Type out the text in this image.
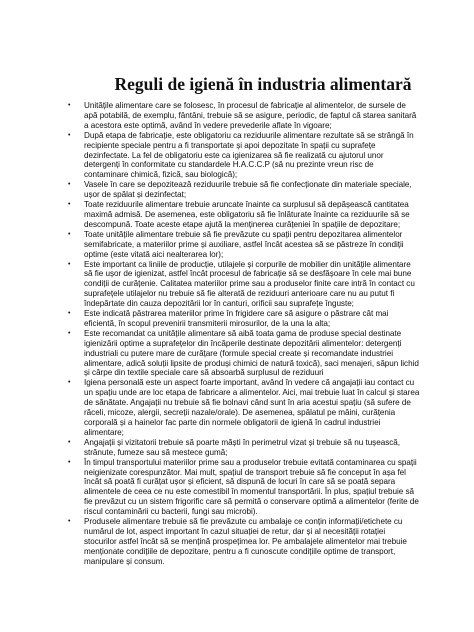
Reguli de igienă în industria alimentară
• Unitățile alimentare care se folosesc, în procesul de fabricație al alimentelor, de sursele de apă potabilă, de exemplu, fântâni, trebuie să se asigure, periodic, de faptul că starea sanitară a acestora este optimă, având în vedere prevederile aflate în vigoare;
• După etapa de fabricație, este obligatoriu ca reziduurile alimentare rezultate să se strângă în recipiente speciale pentru a fi transportate și apoi depozitate în spații cu suprafețe dezinfectate. La fel de obligatoriu este ca igienizarea să fie realizată cu ajutorul unor detergenți în conformitate cu standardele H.A.C.C.P (să nu prezinte vreun risc de contaminare chimică, fizică, sau biologică);
• Vasele în care se depozitează reziduurile trebuie să fie confecționate din materiale speciale, ușor de spălat și dezinfectat;
• Toate reziduurile alimentare trebuie aruncate înainte ca surplusul să depășească cantitatea maximă admisă. De asemenea, este obligatoriu să fie înlăturate înainte ca reziduurile să se descompună. Toate aceste etape ajută la menținerea curățeniei în spațiile de depozitare;
• Toate unitățile alimentare trebuie să fie prevăzute cu spații pentru depozitarea alimentelor semifabricate, a materiilor prime și auxiliare, astfel încât acestea să se păstreze în condiții optime (este vitată aici nealterarea lor);
• Este important ca liniile de producție, utilajele și corpurile de mobilier din unitățile alimentare să fie ușor de igienizat, astfel încât procesul de fabricație să se desfășoare în cele mai bune condiții de curățenie. Calitatea materiilor prime sau a produselor finite care intră în contact cu suprafețele utilajelor nu trebuie să fie alterată de reziduuri anterioare care nu au putut fi îndepărtate din cauza depozitării lor în canturi, orificii sau suprafețe înguste;
• Este indicată păstrarea materiilor prime în frigidere care să asigure o păstrare cât mai eficientă, în scopul prevenirii transmiterii mirosurilor, de la una la alta;
• Este recomandat ca unitățile alimentare să aibă toata gama de produse special destinate igienizării optime a suprafețelor din încăperile destinate depozitării alimentelor: detergenți industriali cu putere mare de curățare (formule special create și recomandate industriei alimentare, adică soluții lipsite de produși chimici de natură toxică), saci menajeri, săpun lichid și cârpe din textile speciale care să absoarbă surplusul de reziduuri
• Igiena personală este un aspect foarte important, având în vedere că angajații iau contact cu un spațiu unde are loc etapa de fabricare a alimentelor. Aici, mai trebuie luat în calcul și starea de sănătate. Angajații nu trebuie să fie bolnavi când sunt în aria acestui spațiu (să sufere de răceli, micoze, alergii, secreții nazale/orale). De asemenea, spălatul pe mâini, curățenia corporală și a hainelor fac parte din normele obligatorii de igienă în cadrul industriei alimentare;
• Angajații și vizitatorii trebuie să poarte măști în perimetrul vizat și trebuie să nu tușească, strănute, fumeze sau să mestece gumă;
• În timpul transportului materiilor prime sau a produselor trebuie evitată contaminarea cu spații neigienizate corespunzător. Mai mult, spațiul de transport trebuie să fie conceput în așa fel încât să poată fi curățat ușor și eficient, să dispună de locuri în care să se poată separa alimentele de ceea ce nu este comestibil în momentul transportării. În plus, spațiul trebuie să fie prevăzut cu un sistem frigorific care să permită o conservare optimă a alimentelor (ferite de riscul contaminării cu bacterii, fungi sau microbi).
• Produsele alimentare trebuie să fie prevăzute cu ambalaje ce conțin informații/etichete cu numărul de lot, aspect important în cazul situației de retur, dar și al necesității rotației stocurilor astfel încât să se mențină prospețimea lor. Pe ambalajele alimentelor mai trebuie menționate condițiile de depozitare, pentru a fi cunoscute condițiile optime de transport, manipulare și consum.
